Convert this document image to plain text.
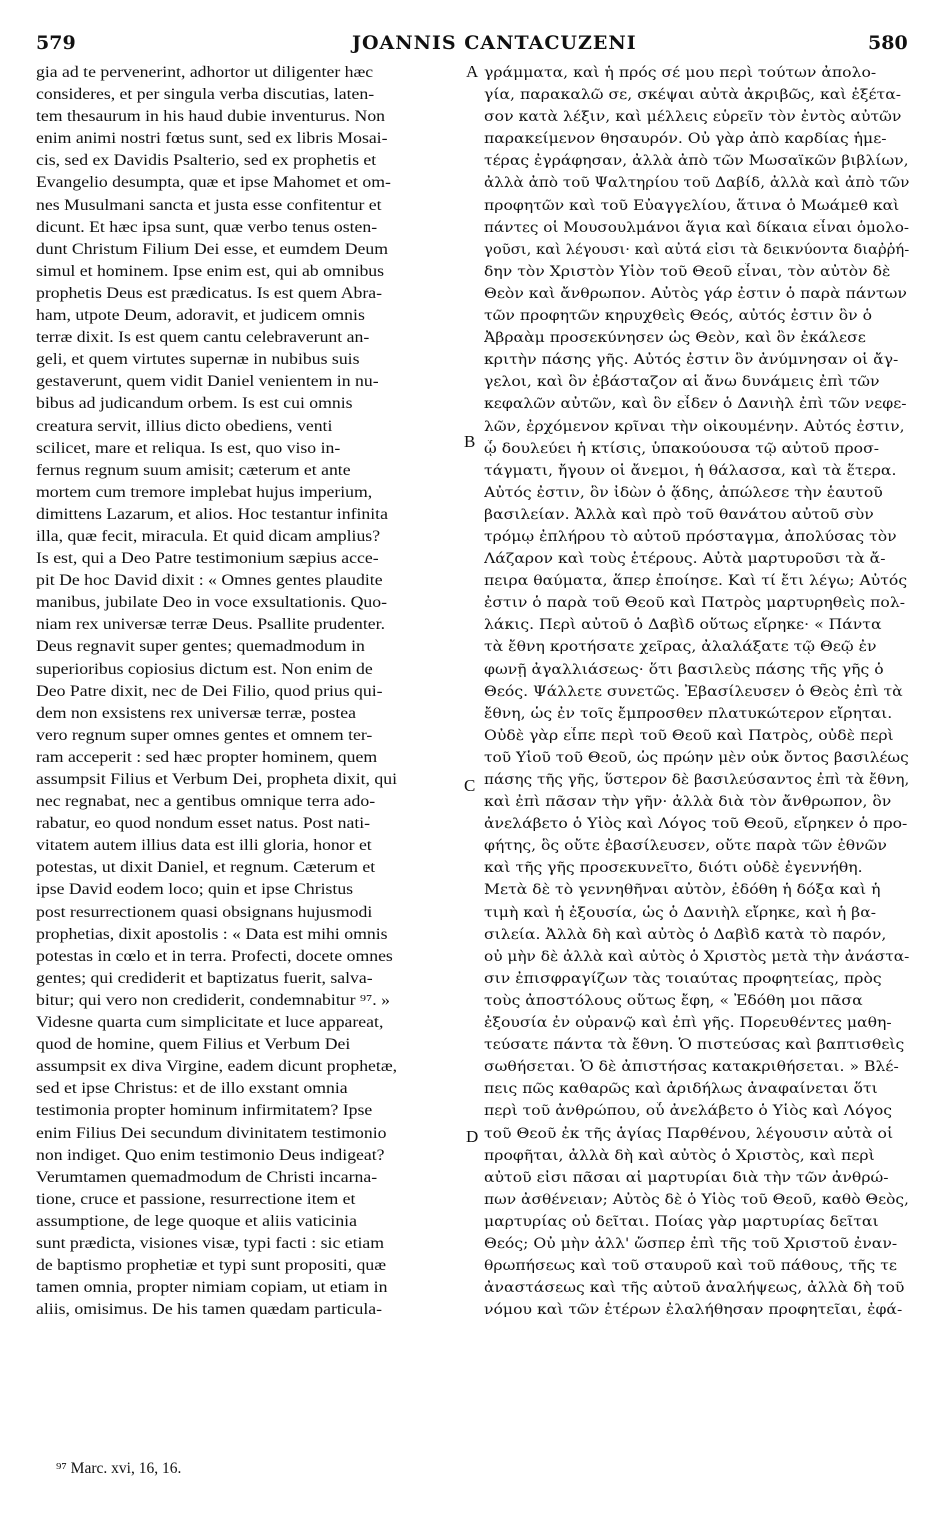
579	JOANNIS CANTACUZENI	580
gia ad te pervenerint, adhortor ut diligenter hæc
consideres, et per singula verba discutias, laten-
tem thesaurum in his haud dubie inventurus. Non
enim animi nostri fœtus sunt, sed ex libris Mosai-
cis, sed ex Davidis Psalterio, sed ex prophetis et
Evangelio desumpta, quæ et ipse Mahomet et om-
nes Musulmani sancta et justa esse confitentur et
dicunt. Et hæc ipsa sunt, quæ verbo tenus osten-
dunt Christum Filium Dei esse, et eumdem Deum
simul et hominem. Ipse enim est, qui ab omnibus
prophetis Deus est prædicatus. Is est quem Abra-
ham, utpote Deum, adoravit, et judicem omnis
terræ dixit. Is est quem cantu celebraverunt an-
geli, et quem virtutes supernæ in nubibus suis
gestaverunt, quem vidit Daniel venientem in nu-
bibus ad judicandum orbem. Is est cui omnis
creatura servit, illius dicto obediens, venti
scilicet, mare et reliqua. Is est, quo viso in-
fernus regnum suum amisit; cæterum et ante
mortem cum tremore implebat hujus imperium,
dimittens Lazarum, et alios. Hoc testantur infinita
illa, quæ fecit, miracula. Et quid dicam amplius?
Is est, qui a Deo Patre testimonium sæpius acce-
pit De hoc David dixit : « Omnes gentes plaudite
manibus, jubilate Deo in voce exsultationis. Quo-
niam rex universæ terræ Deus. Psallite prudenter.
Deus regnavit super gentes; quemadmodum in
superioribus copiosius dictum est. Non enim de
Deo Patre dixit, nec de Dei Filio, quod prius qui-
dem non exsistens rex universæ terræ, postea
vero regnum super omnes gentes et omnem ter-
ram acceperit : sed hæc propter hominem, quem
assumpsit Filius et Verbum Dei, propheta dixit, qui
nec regnabat, nec a gentibus omnique terra ado-
rabatur, eo quod nondum esset natus. Post nati-
vitatem autem illius data est illi gloria, honor et
potestas, ut dixit Daniel, et regnum. Cæterum et
ipse David eodem loco; quin et ipse Christus
post resurrectionem quasi obsignans hujusmodi
prophetias, dixit apostolis : « Data est mihi omnis
potestas in cœlo et in terra. Profecti, docete omnes
gentes; qui crediderit et baptizatus fuerit, salva-
bitur; qui vero non crediderit, condemnabitur ⁹⁷. »
Videsne quarta cum simplicitate et luce appareat,
quod de homine, quem Filius et Verbum Dei
assumpsit ex diva Virgine, eadem dicunt prophetæ,
sed et ipse Christus: et de illo exstant omnia
testimonia propter hominum infirmitatem? Ipse
enim Filius Dei secundum divinitatem testimonio
non indiget. Quo enim testimonio Deus indigeat?
Verumtamen quemadmodum de Christi incarna-
tione, cruce et passione, resurrectione item et
assumptione, de lege quoque et aliis vaticinia
sunt prædicta, visiones visæ, typi facti : sic etiam
de baptismo prophetiæ et typi sunt propositi, quæ
tamen omnia, propter nimiam copiam, ut etiam in
aliis, omisimus. De his tamen quædam particula-
γράμματα, καὶ ἡ πρός σέ μου περὶ τούτων ἀπολο-
γία, παρακαλῶ σε, σκέψαι αὐτὰ ἀκριβῶς, καὶ ἐξέτα-
σον κατὰ λέξιν, καὶ μέλλεις εὑρεῖν τὸν ἐντὸς αὐτῶν
παρακείμενον θησαυρόν. Οὐ γὰρ ἀπὸ καρδίας ἡμε-
τέρας ἐγράφησαν, ἀλλὰ ἀπὸ τῶν Μωσαϊκῶν βιβλίων,
ἀλλὰ ἀπὸ τοῦ Ψαλτηρίου τοῦ Δαβίδ, ἀλλὰ καὶ ἀπὸ τῶν
προφητῶν καὶ τοῦ Εὐαγγελίου, ἅτινα ὁ Μωάμεθ καὶ
πάντες οἱ Μουσουλμάνοι ἅγια καὶ δίκαια εἶναι ὁμολο-
γοῦσι, καὶ λέγουσι· καὶ αὐτά εἰσι τὰ δεικνύοντα διαῤῥή-
δην τὸν Χριστὸν Υἱὸν τοῦ Θεοῦ εἶναι, τὸν αὐτὸν δὲ
Θεὸν καὶ ἄνθρωπον. Αὐτὸς γάρ ἐστιν ὁ παρὰ πάντων
τῶν προφητῶν κηρυχθεὶς Θεός, αὐτός ἐστιν ὃν ὁ
Ἀβραὰμ προσεκύνησεν ὡς Θεὸν, καὶ ὃν ἐκάλεσε
κριτὴν πάσης γῆς. Αὐτός ἐστιν ὃν ἀνύμνησαν οἱ ἄγ-
γελοι, καὶ ὃν ἐβάσταζον αἱ ἄνω δυνάμεις ἐπὶ τῶν
κεφαλῶν αὐτῶν, καὶ ὃν εἶδεν ὁ Δανιὴλ ἐπὶ τῶν νεφε-
λῶν, ἐρχόμενον κρῖναι τὴν οἰκουμένην. Αὐτός ἐστιν,
ᾧ δουλεύει ἡ κτίσις, ὑπακούουσα τῷ αὐτοῦ προσ-
τάγματι, ἤγουν οἱ ἄνεμοι, ἡ θάλασσα, καὶ τὰ ἕτερα.
Αὐτός ἐστιν, ὃν ἰδὼν ὁ ᾅδης, ἀπώλεσε τὴν ἑαυτοῦ
βασιλείαν. Ἀλλὰ καὶ πρὸ τοῦ θανάτου αὐτοῦ σὺν
τρόμῳ ἐπλήρου τὸ αὐτοῦ πρόσταγμα, ἀπολύσας τὸν
Λάζαρον καὶ τοὺς ἑτέρους. Αὐτὰ μαρτυροῦσι τὰ ἄ-
πειρα θαύματα, ἅπερ ἐποίησε. Καὶ τί ἔτι λέγω; Αὐτός
ἐστιν ὁ παρὰ τοῦ Θεοῦ καὶ Πατρὸς μαρτυρηθεὶς πολ-
λάκις. Περὶ αὐτοῦ ὁ Δαβὶδ οὕτως εἴρηκε· « Πάντα
τὰ ἔθνη κροτήσατε χεῖρας, ἀλαλάξατε τῷ Θεῷ ἐν
φωνῇ ἀγαλλιάσεως· ὅτι βασιλεὺς πάσης τῆς γῆς ὁ
Θεός. Ψάλλετε συνετῶς. Ἐβασίλευσεν ὁ Θεὸς ἐπὶ τὰ
ἔθνη, ὡς ἐν τοῖς ἔμπροσθεν πλατυκώτερον εἴρηται.
Οὐδὲ γὰρ εἶπε περὶ τοῦ Θεοῦ καὶ Πατρὸς, οὐδὲ περὶ
τοῦ Υἱοῦ τοῦ Θεοῦ, ὡς πρώην μὲν οὐκ ὄντος βασιλέως
πάσης τῆς γῆς, ὕστερον δὲ βασιλεύσαντος ἐπὶ τὰ ἔθνη,
καὶ ἐπὶ πᾶσαν τὴν γῆν· ἀλλὰ διὰ τὸν ἄνθρωπον, ὃν
ἀνελάβετο ὁ Υἱὸς καὶ Λόγος τοῦ Θεοῦ, εἴρηκεν ὁ προ-
φήτης, ὃς οὔτε ἐβασίλευσεν, οὔτε παρὰ τῶν ἐθνῶν
καὶ τῆς γῆς προσεκυνεῖτο, διότι οὐδὲ ἐγεννήθη.
Μετὰ δὲ τὸ γεννηθῆναι αὐτὸν, ἐδόθη ἡ δόξα καὶ ἡ
τιμὴ καὶ ἡ ἐξουσία, ὡς ὁ Δανιὴλ εἴρηκε, καὶ ἡ βα-
σιλεία. Ἀλλὰ δὴ καὶ αὐτὸς ὁ Δαβὶδ κατὰ τὸ παρόν,
οὐ μὴν δὲ ἀλλὰ καὶ αὐτὸς ὁ Χριστὸς μετὰ τὴν ἀνάστα-
σιν ἐπισφραγίζων τὰς τοιαύτας προφητείας, πρὸς
τοὺς ἀποστόλους οὕτως ἔφη, « Ἐδόθη μοι πᾶσα
ἐξουσία ἐν οὐρανῷ καὶ ἐπὶ γῆς. Πορευθέντες μαθη-
τεύσατε πάντα τὰ ἔθνη. Ὁ πιστεύσας καὶ βαπτισθεὶς
σωθήσεται. Ὁ δὲ ἀπιστήσας κατακριθήσεται. » Βλέ-
πεις πῶς καθαρῶς καὶ ἀριδήλως ἀναφαίνεται ὅτι
περὶ τοῦ ἀνθρώπου, οὗ ἀνελάβετο ὁ Υἱὸς καὶ Λόγος
τοῦ Θεοῦ ἐκ τῆς ἁγίας Παρθένου, λέγουσιν αὐτὰ οἱ
προφῆται, ἀλλὰ δὴ καὶ αὐτὸς ὁ Χριστὸς, καὶ περὶ
αὐτοῦ εἰσι πᾶσαι αἱ μαρτυρίαι διὰ τὴν τῶν ἀνθρώ-
πων ἀσθένειαν; Αὐτὸς δὲ ὁ Υἱὸς τοῦ Θεοῦ, καθὸ Θεὸς,
μαρτυρίας οὐ δεῖται. Ποίας γὰρ μαρτυρίας δεῖται
Θεός; Οὐ μὴν ἀλλ' ὥσπερ ἐπὶ τῆς τοῦ Χριστοῦ ἐναν-
θρωπήσεως καὶ τοῦ σταυροῦ καὶ τοῦ πάθους, τῆς τε
ἀναστάσεως καὶ τῆς αὐτοῦ ἀναλήψεως, ἀλλὰ δὴ τοῦ
νόμου καὶ τῶν ἑτέρων ἐλαλήθησαν προφητεῖαι, ἐφά-
A
B
C
D
⁹⁷ Marc. xvi, 16, 16.
